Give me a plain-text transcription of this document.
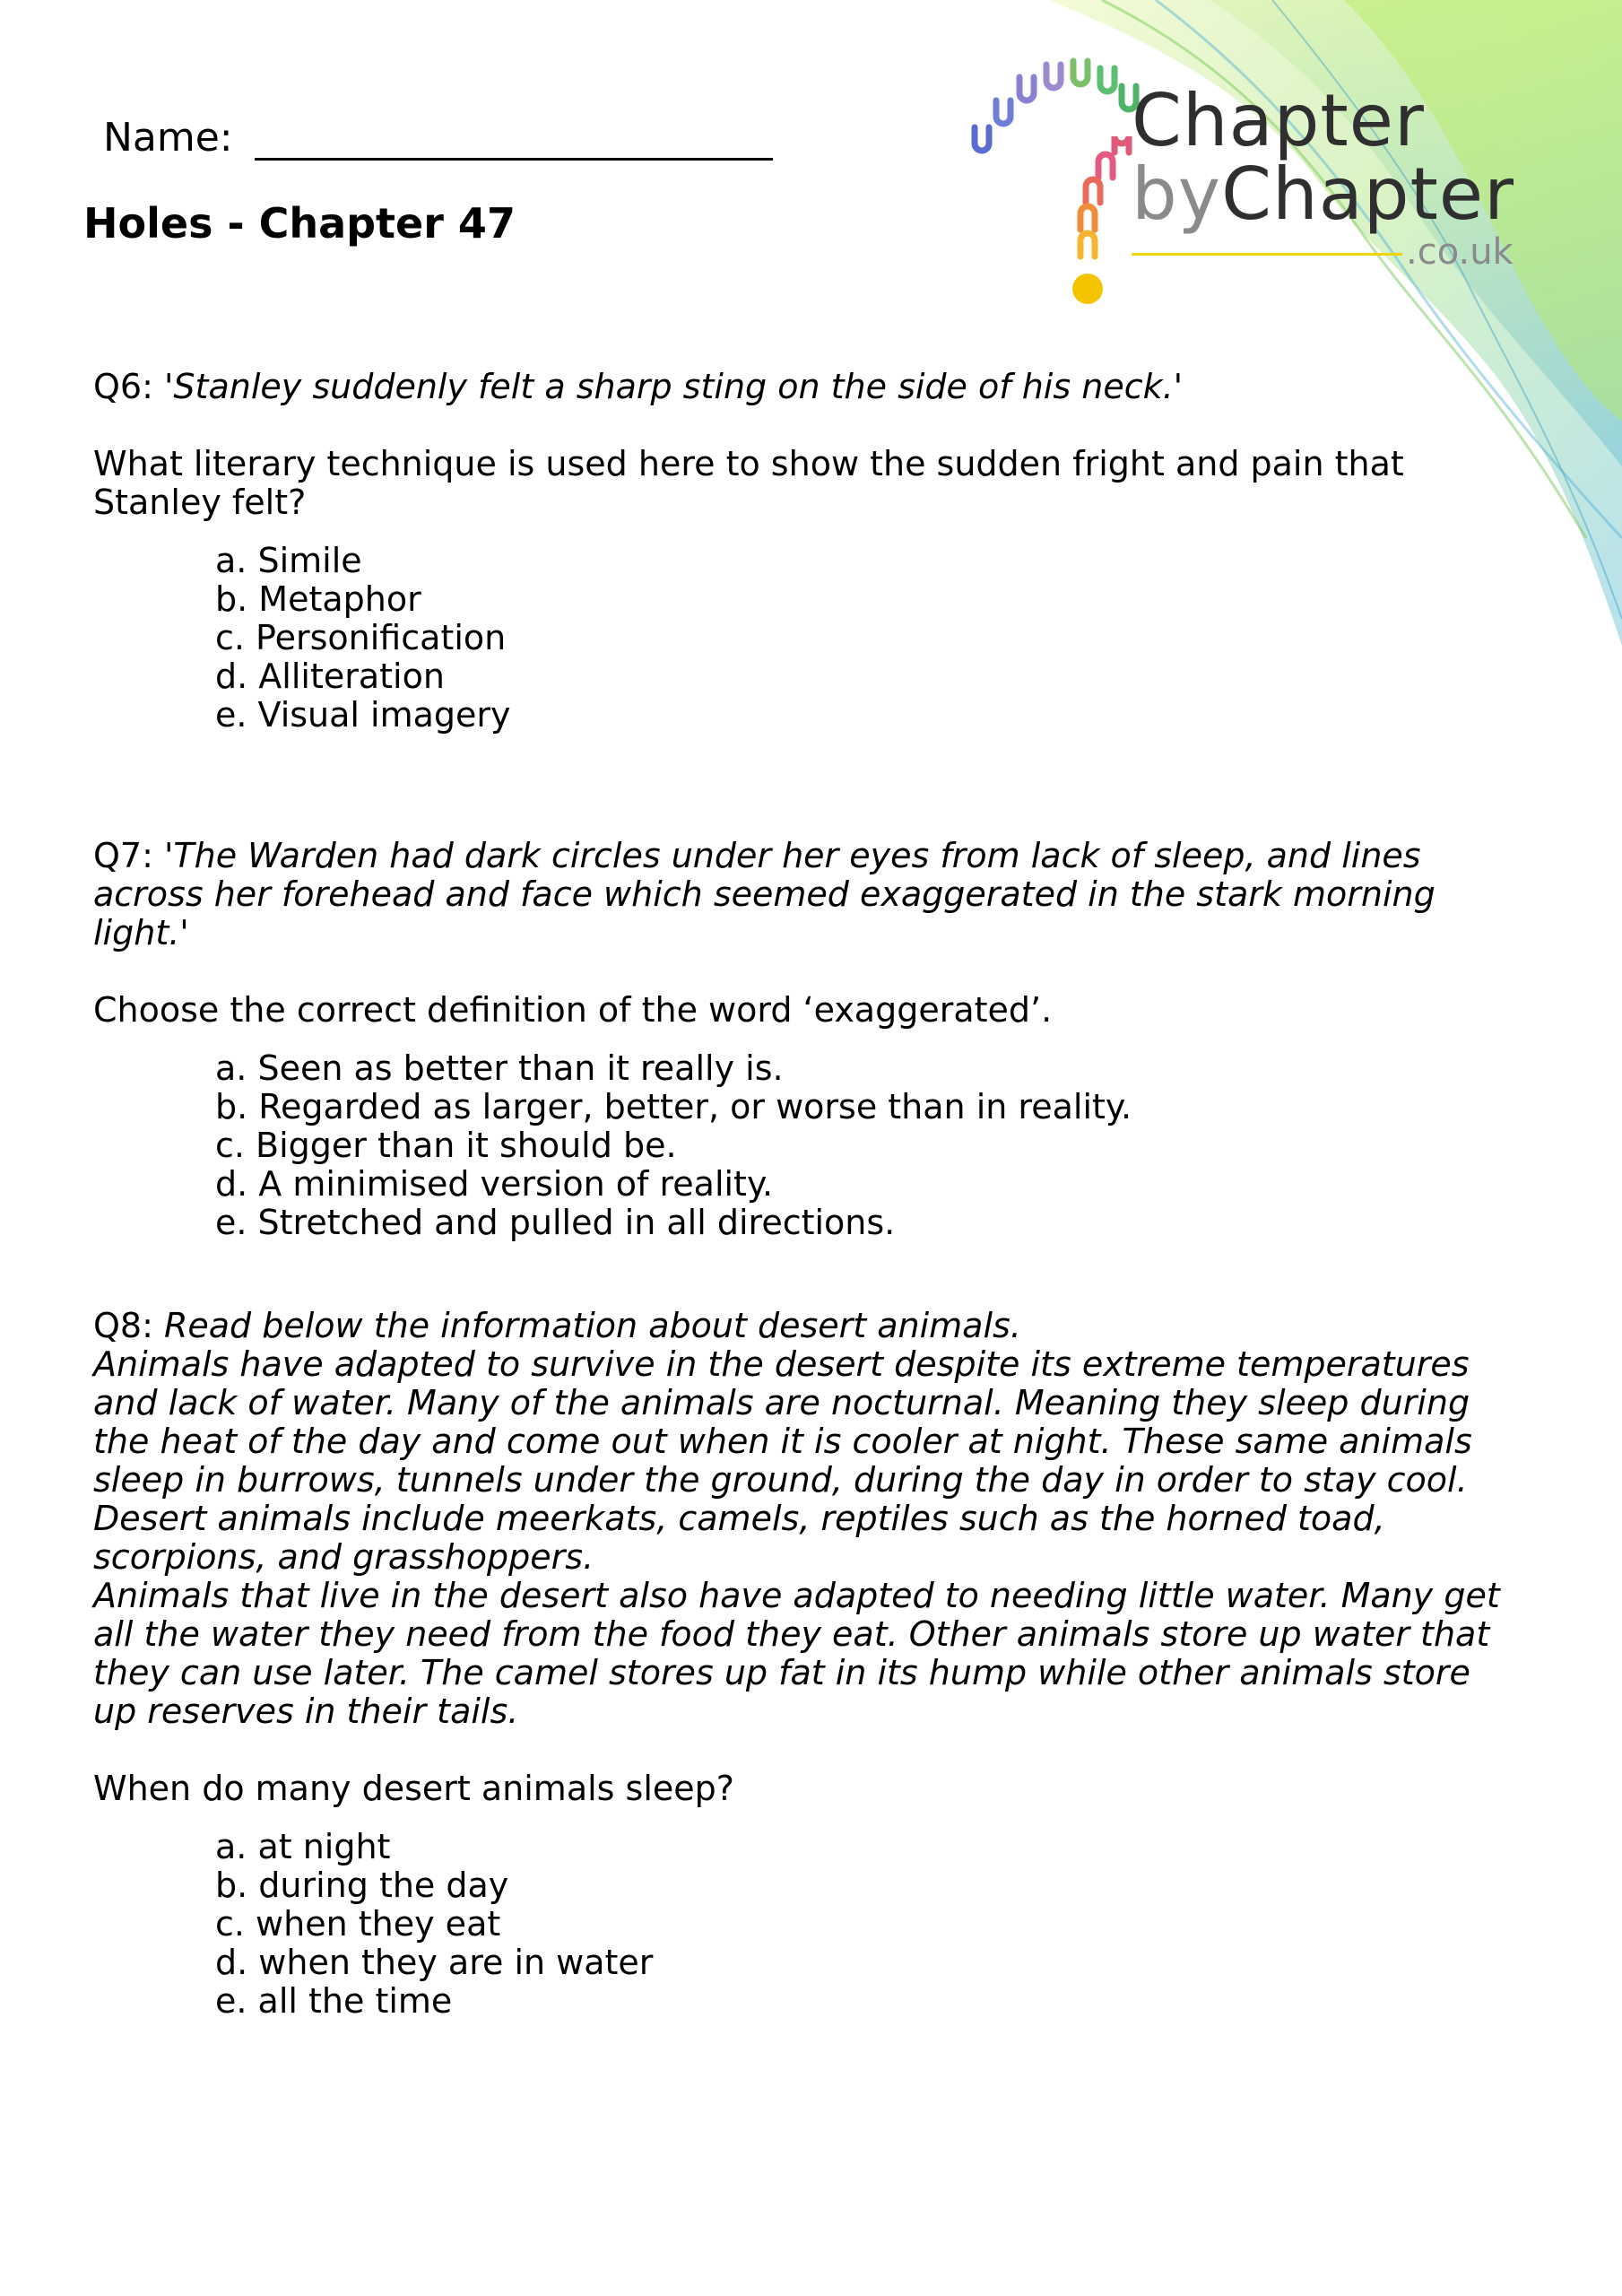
Chapter
byChapter
.co.uk
Name:
Holes - Chapter 47
Q6: 'Stanley suddenly felt a sharp sting on the side of his neck.'
What literary technique is used here to show the sudden fright and pain that Stanley felt?
a. Simile
b. Metaphor
c. Personification
d. Alliteration
e. Visual imagery
Q7: 'The Warden had dark circles under her eyes from lack of sleep, and lines across her forehead and face which seemed exaggerated in the stark morning light.'
Choose the correct definition of the word ‘exaggerated’.
a. Seen as better than it really is.
b. Regarded as larger, better, or worse than in reality.
c. Bigger than it should be.
d. A minimised version of reality.
e. Stretched and pulled in all directions.
Q8: Read below the information about desert animals.

Animals have adapted to survive in the desert despite its extreme temperatures and lack of water. Many of the animals are nocturnal. Meaning they sleep during the heat of the day and come out when it is cooler at night. These same animals sleep in burrows, tunnels under the ground, during the day in order to stay cool. Desert animals include meerkats, camels, reptiles such as the horned toad, scorpions, and grasshoppers.

Animals that live in the desert also have adapted to needing little water. Many get all the water they need from the food they eat. Other animals store up water that they can use later. The camel stores up fat in its hump while other animals store up reserves in their tails.

When do many desert animals sleep?
a. at night
b. during the day
c. when they eat
d. when they are in water
e. all the time
